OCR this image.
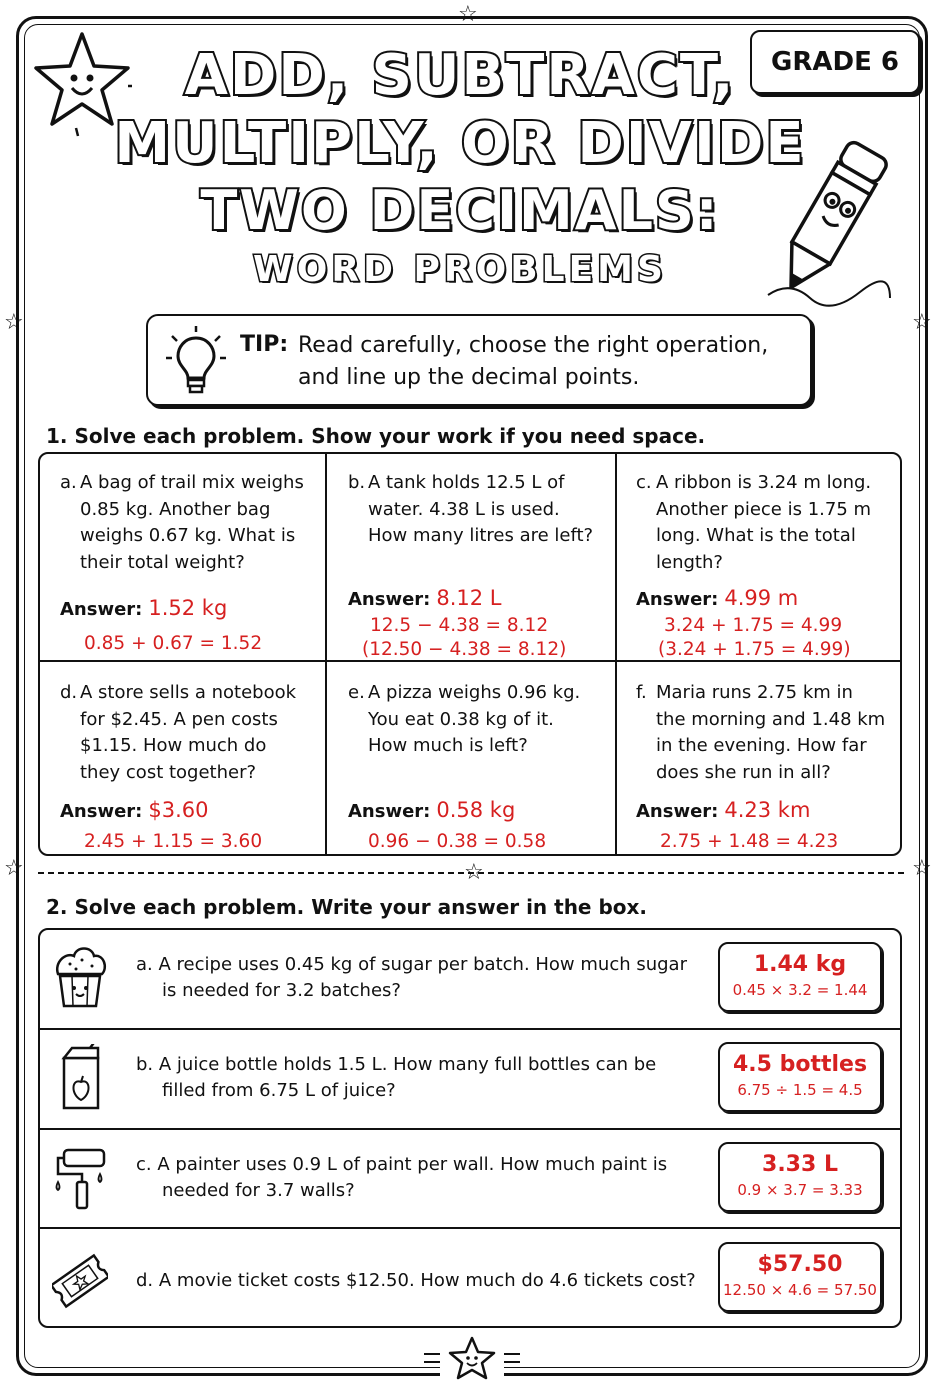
☆
☆	☆
☆	☆
☆
ADD, SUBTRACT,
MULTIPLY, OR DIVIDE
TWO DECIMALS:
WORD PROBLEMS
GRADE 6
TIP: Read carefully, choose the right operation, and line up the decimal points.
1. Solve each problem. Show your work if you need space.
a. A bag of trail mix weighs 0.85 kg. Another bag weighs 0.67 kg. What is their total weight?
Answer: 1.52 kg
0.85 + 0.67 = 1.52
b. A tank holds 12.5 L of water. 4.38 L is used. How many litres are left?
Answer: 8.12 L
12.5 − 4.38 = 8.12
(12.50 − 4.38 = 8.12)
c. A ribbon is 3.24 m long. Another piece is 1.75 m long. What is the total length?
Answer: 4.99 m
3.24 + 1.75 = 4.99
(3.24 + 1.75 = 4.99)
d. A store sells a notebook for $2.45. A pen costs $1.15. How much do they cost together?
Answer: $3.60
2.45 + 1.15 = 3.60
e. A pizza weighs 0.96 kg. You eat 0.38 kg of it. How much is left?
Answer: 0.58 kg
0.96 − 0.38 = 0.58
f. Maria runs 2.75 km in the morning and 1.48 km in the evening. How far does she run in all?
Answer: 4.23 km
2.75 + 1.48 = 4.23
2. Solve each problem. Write your answer in the box.
a. A recipe uses 0.45 kg of sugar per batch. How much sugar
is needed for 3.2 batches?
1.44 kg
0.45 × 3.2 = 1.44
b. A juice bottle holds 1.5 L. How many full bottles can be
filled from 6.75 L of juice?
4.5 bottles
6.75 ÷ 1.5 = 4.5
c. A painter uses 0.9 L of paint per wall. How much paint is
needed for 3.7 walls?
3.33 L
0.9 × 3.7 = 3.33
d. A movie ticket costs $12.50. How much do 4.6 tickets cost?
$57.50
12.50 × 4.6 = 57.50
